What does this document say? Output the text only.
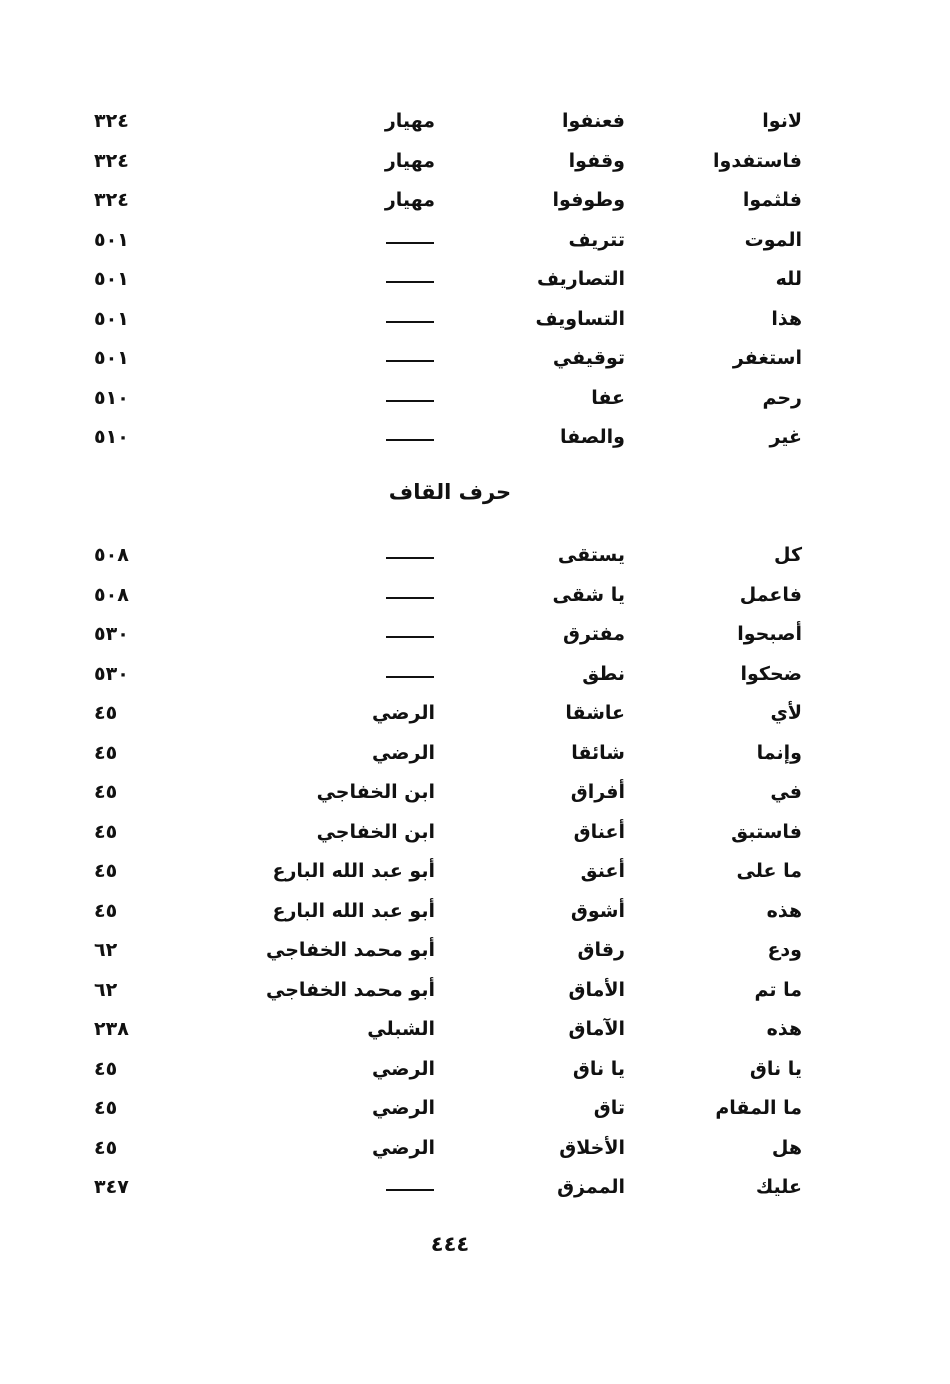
لانوا
فعنفوا
مهيار
٣٢٤
فاستفدوا
وقفوا
مهيار
٣٢٤
فلثموا
وطوفوا
مهيار
٣٢٤
الموت
تتريف
٥٠١
لله
التصاريف
٥٠١
هذا
التساويف
٥٠١
استغفر
توقيفي
٥٠١
رحم
عفا
٥١٠
غير
والصفا
٥١٠
حرف القاف
كل
يستقى
٥٠٨
فاعمل
يا شقى
٥٠٨
أصبحوا
مفترق
٥٣٠
ضحكوا
نطق
٥٣٠
لأي
عاشقا
الرضي
٤٥
وإنما
شائقا
الرضي
٤٥
في
أفراق
ابن الخفاجي
٤٥
فاستبق
أعناق
ابن الخفاجي
٤٥
ما على
أعنق
أبو عبد الله البارع
٤٥
هذه
أشوق
أبو عبد الله البارع
٤٥
ودع
رقاق
أبو محمد الخفاجي
٦٢
ما تم
الأماق
أبو محمد الخفاجي
٦٢
هذه
الآماق
الشبلي
٢٣٨
يا ناق
يا ناق
الرضي
٤٥
ما المقام
تاق
الرضي
٤٥
هل
الأخلاق
الرضي
٤٥
عليك
الممزق
٣٤٧
٤٤٤
